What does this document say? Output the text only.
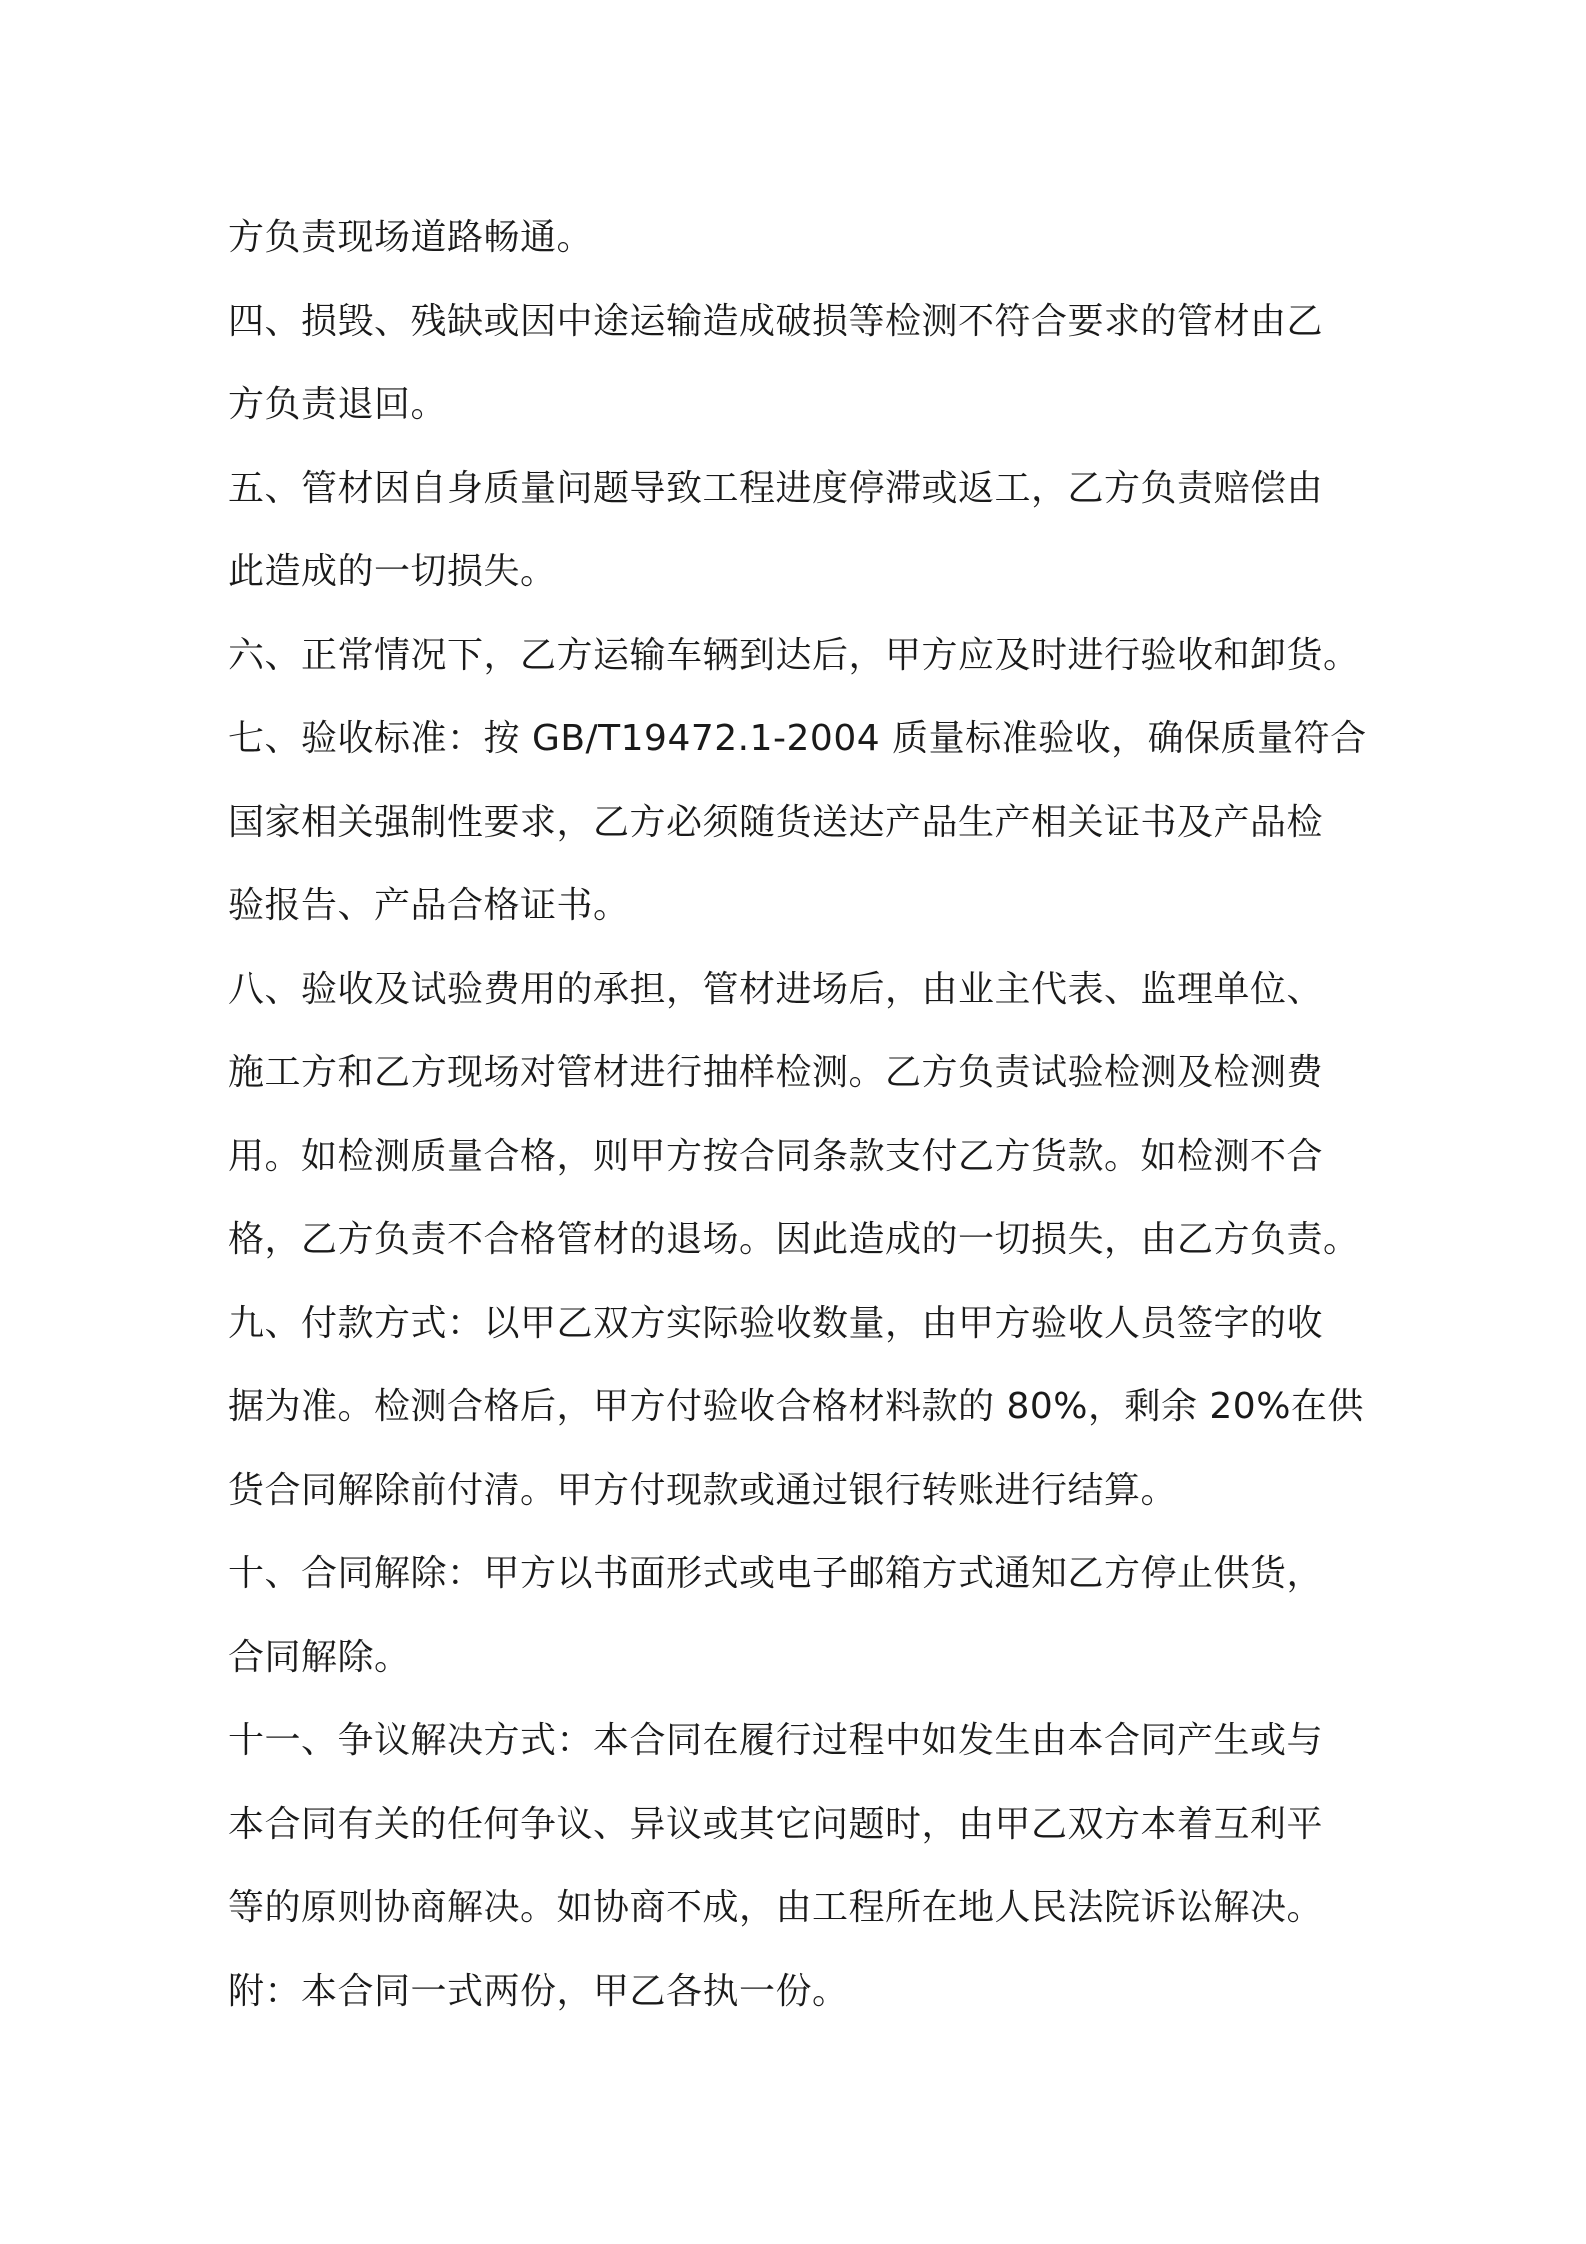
方负责现场道路畅通。
四、损毁、残缺或因中途运输造成破损等检测不符合要求的管材由乙
方负责退回。
五、管材因自身质量问题导致工程进度停滞或返工，乙方负责赔偿由
此造成的一切损失。
六、正常情况下，乙方运输车辆到达后，甲方应及时进行验收和卸货。
七、验收标准：按 GB/T19472.1-2004 质量标准验收，确保质量符合
国家相关强制性要求，乙方必须随货送达产品生产相关证书及产品检
验报告、产品合格证书。
八、验收及试验费用的承担，管材进场后，由业主代表、监理单位、
施工方和乙方现场对管材进行抽样检测。乙方负责试验检测及检测费
用。如检测质量合格，则甲方按合同条款支付乙方货款。如检测不合
格，乙方负责不合格管材的退场。因此造成的一切损失，由乙方负责。
九、付款方式：以甲乙双方实际验收数量，由甲方验收人员签字的收
据为准。检测合格后，甲方付验收合格材料款的 80%，剩余 20%在供
货合同解除前付清。甲方付现款或通过银行转账进行结算。
十、合同解除：甲方以书面形式或电子邮箱方式通知乙方停止供货，
合同解除。
十一、争议解决方式：本合同在履行过程中如发生由本合同产生或与
本合同有关的任何争议、异议或其它问题时，由甲乙双方本着互利平
等的原则协商解决。如协商不成，由工程所在地人民法院诉讼解决。
附：本合同一式两份，甲乙各执一份。
